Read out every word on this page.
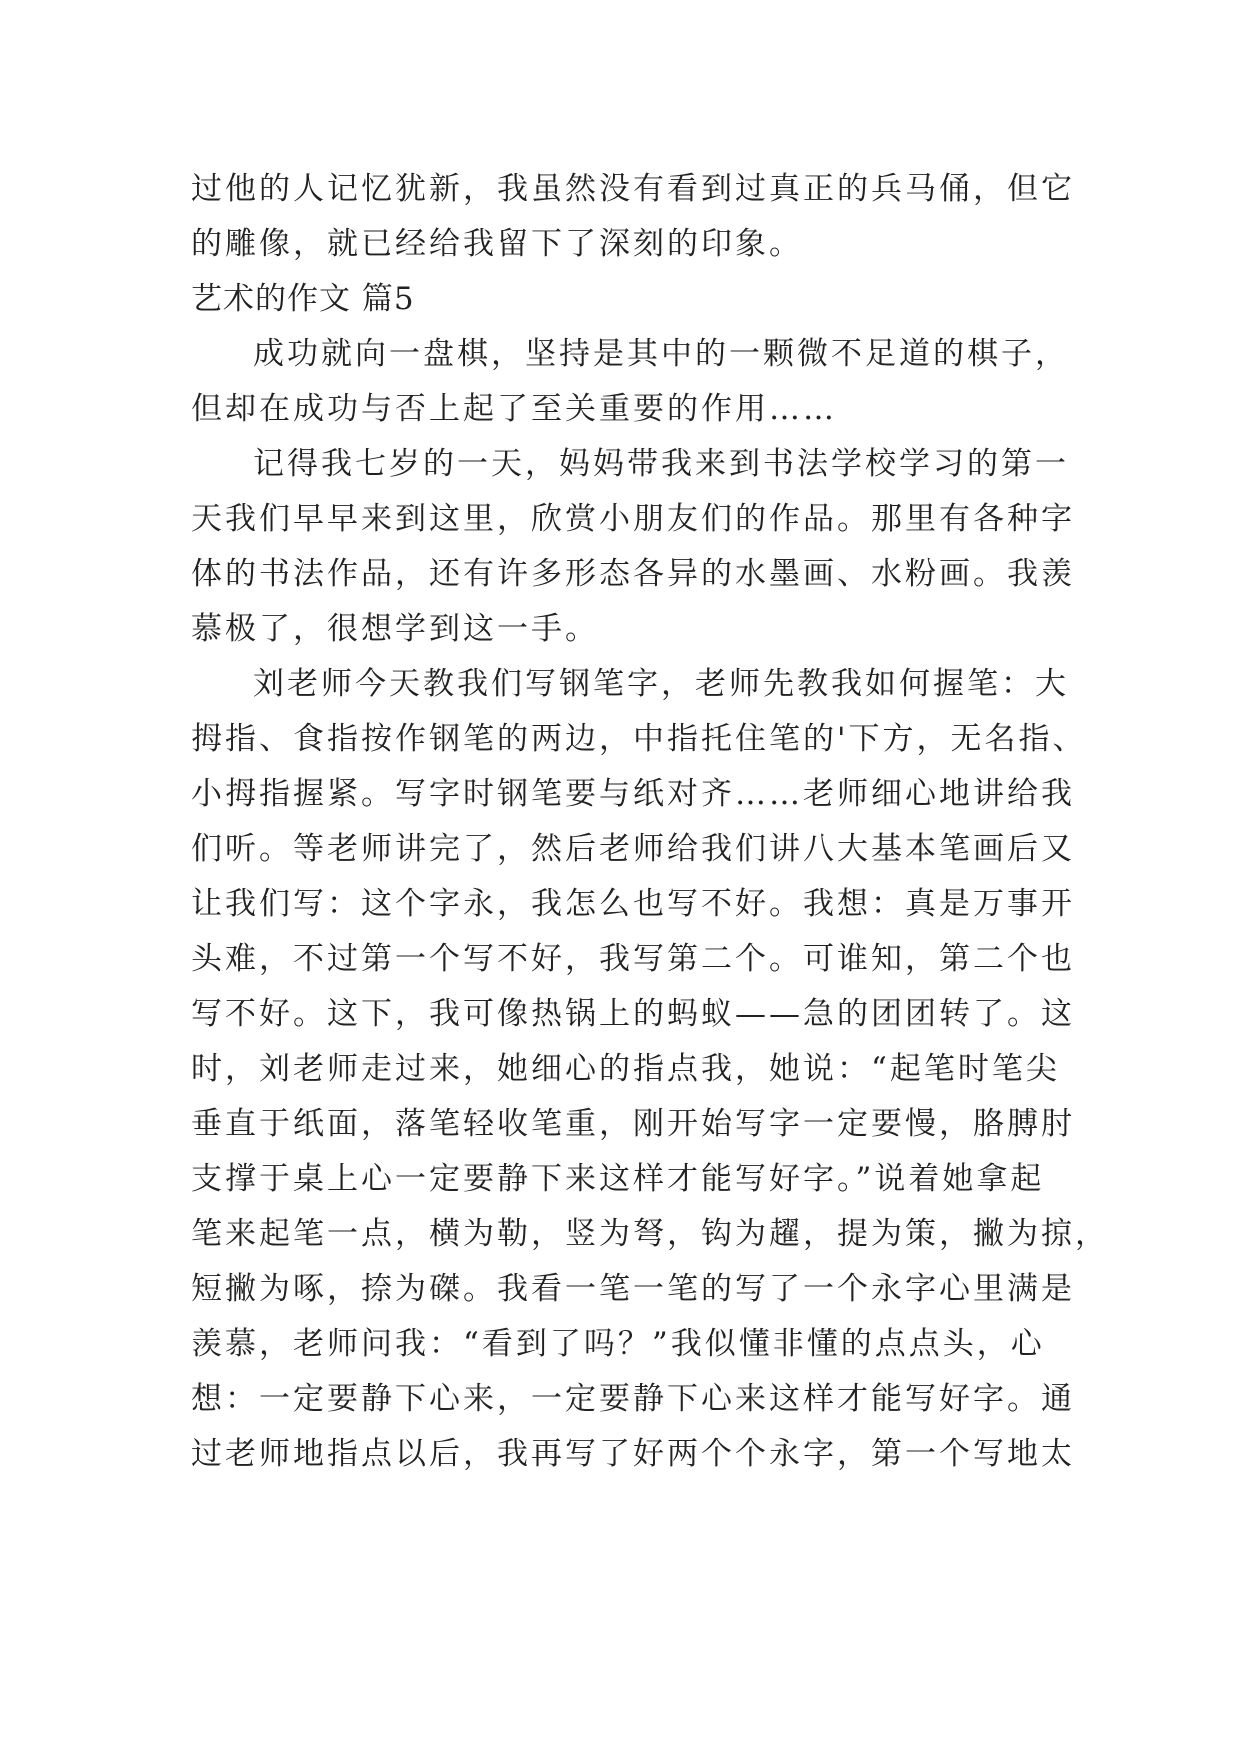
过他的人记忆犹新，我虽然没有看到过真正的兵马俑，但它
的雕像，就已经给我留下了深刻的印象。
艺术的作文 篇5
成功就向一盘棋，坚持是其中的一颗微不足道的棋子，
但却在成功与否上起了至关重要的作用……
记得我七岁的一天，妈妈带我来到书法学校学习的第一
天我们早早来到这里，欣赏小朋友们的作品。那里有各种字
体的书法作品，还有许多形态各异的水墨画、水粉画。我羡
慕极了，很想学到这一手。
刘老师今天教我们写钢笔字，老师先教我如何握笔：大
拇指、食指按作钢笔的两边，中指托住笔的'下方，无名指、
小拇指握紧。写字时钢笔要与纸对齐……老师细心地讲给我
们听。等老师讲完了，然后老师给我们讲八大基本笔画后又
让我们写：这个字永，我怎么也写不好。我想：真是万事开
头难，不过第一个写不好，我写第二个。可谁知，第二个也
写不好。这下，我可像热锅上的蚂蚁——急的团团转了。这
时，刘老师走过来，她细心的指点我，她说：“起笔时笔尖
垂直于纸面，落笔轻收笔重，刚开始写字一定要慢，胳膊肘
支撑于桌上心一定要静下来这样才能写好字。”说着她拿起
笔来起笔一点，横为勒，竖为弩，钩为趯，提为策，撇为掠，
短撇为啄，捺为磔。我看一笔一笔的写了一个永字心里满是
羡慕，老师问我：“看到了吗？”我似懂非懂的点点头，心
想：一定要静下心来，一定要静下心来这样才能写好字。通
过老师地指点以后，我再写了好两个个永字，第一个写地太
